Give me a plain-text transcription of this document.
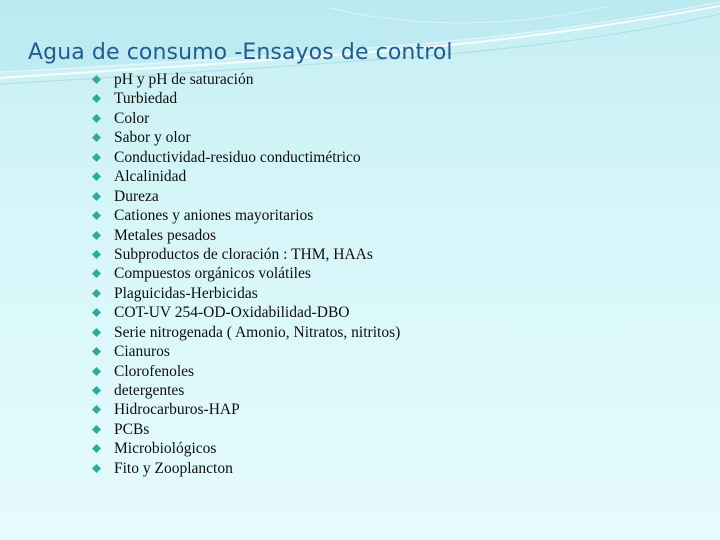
Agua de consumo -Ensayos de control
pH y pH de saturación
Turbiedad
Color
Sabor y olor
Conductividad-residuo conductimétrico
Alcalinidad
Dureza
Cationes y aniones mayoritarios
Metales pesados
Subproductos de cloración : THM, HAAs
Compuestos orgánicos volátiles
Plaguicidas-Herbicidas
COT-UV 254-OD-Oxidabilidad-DBO
Serie nitrogenada ( Amonio, Nitratos, nitritos)
Cianuros
Clorofenoles
detergentes
Hidrocarburos-HAP
PCBs
Microbiológicos
Fito y Zooplancton
